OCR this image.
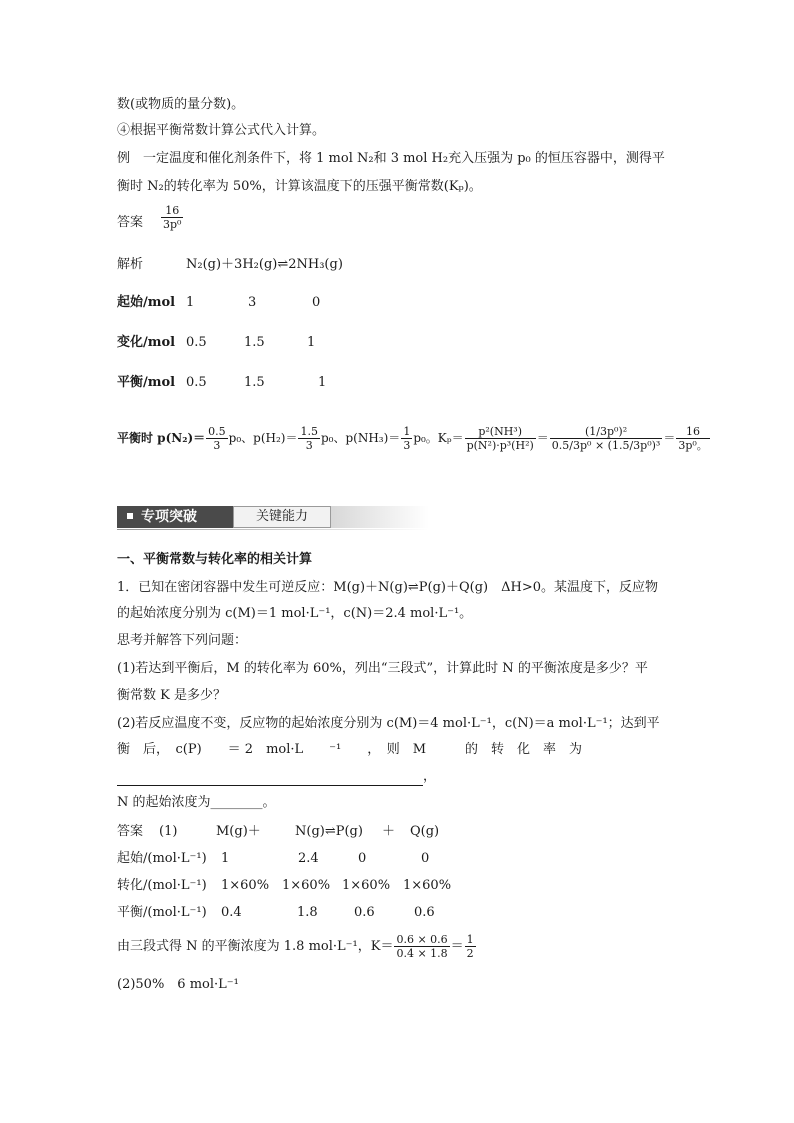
数(或物质的量分数)。
④根据平衡常数计算公式代入计算。
例　一定温度和催化剂条件下，将 1 mol N₂和 3 mol H₂充入压强为 p₀ 的恒压容器中，测得平
衡时 N₂的转化率为 50%，计算该温度下的压强平衡常数(Kₚ)。
答案 $\frac{16}{\text{3p⁰}}$
解析	N₂(g)＋3H₂(g)⇌2NH₃(g)
起始/mol 1	3	0
变化/mol 0.5	1.5	1
平衡/mol 0.5	1.5	1
平衡时 $p(N_2)= \frac{0.5}{3} p_0$、$p(H_2)= \frac{1.5}{3} p_0$、$p(NH_3)= \frac{1}{3} p_0$。$K_p= \frac{\text{p²(NH³)}}{\text{p(N²)·p³(H²)}} = \frac{\text{(1/3p⁰)²}}{\text{0.5/3p⁰ × (1.5/3p⁰)³}} = \frac{16}{\text{3p⁰。}}$
专项突破	关键能力
一、平衡常数与转化率的相关计算
1．已知在密闭容器中发生可逆反应：M(g)＋N(g)⇌P(g)＋Q(g)　ΔH>0。某温度下，反应物
的起始浓度分别为 c(M)＝1 mol·L⁻¹，c(N)＝2.4 mol·L⁻¹。
思考并解答下列问题：
(1)若达到平衡后，M 的转化率为 60%，列出“三段式”，计算此时 N 的平衡浓度是多少？平
衡常数 K 是多少？
(2)若反应温度不变，反应物的起始浓度分别为 c(M)＝4 mol·L⁻¹，c(N)＝a mol·L⁻¹；达到平
衡　后，　c(P)　　＝ 2　mol·L　　⁻¹　　，　则　M　　　的　转　化　率　为
，
N 的起始浓度为________。
答案 (1)	M(g)＋	N(g)⇌P(g) ＋ Q(g)
起始/(mol·L⁻¹) 1	2.4	0	0
转化/(mol·L⁻¹) 1×60% 1×60% 1×60% 1×60%
平衡/(mol·L⁻¹) 0.4	1.8	0.6	0.6
由三段式得 N 的平衡浓度为 1.8 mol·L⁻¹，$K= \frac{0.6 \times 0.6}{0.4 \times 1.8} = \frac{1}{2}$
(2)50%　6 mol·L⁻¹
